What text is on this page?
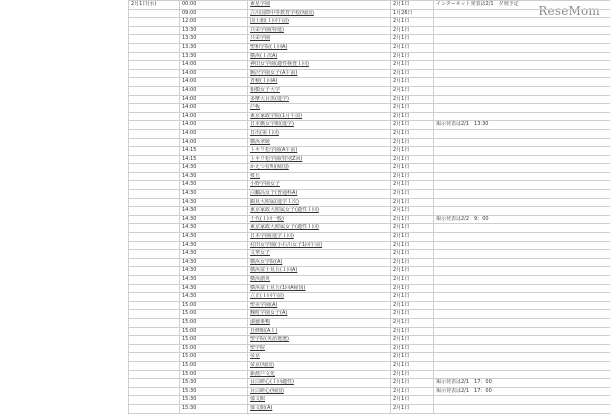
ReseMom
2月1日(水)	00:00	東星学園	2月1日	インターネット発表は2/1　夕刻予定
	09:00	立川国際中等教育学校(帰国)	1月26日	
	12:00	国士舘(１回午前)	2月1日	
	13:30	共栄学園(特進)	2月1日	
	13:30	共栄学園	2月1日	
	13:30	聖和学院(１回A)	2月1日	
	13:30	横浜(１次A)	2月1日	
	14:00	神田女学園(適性検査１回)	2月1日	
	14:00	駒沢学園女子(A午前)	2月1日	
	14:00	青稜(１回A)	2月1日	
	14:00	相模女子大学	2月1日	
	14:00	多摩大目黒(進学)	2月1日	
	14:00	戸板	2月1日	
	14:00	東京家政学院(1月午前)	2月1日	
	14:00	日本橋女学館(進学)	2月1日	掲示発表は2/1　13:30
	14:00	日出(第１回)	2月1日	
	14:00	横浜翠陵	2月1日	
	14:15	トキワ松学園(A午前)	2月1日	
	14:15	トキワ松学園(特別Z回)	2月1日	
	14:30	かえつ有明(帰国)	2月1日	
	14:30	桜丘	2月1日	
	14:30	小野学園女子	2月1日	
	14:30	白鵬高女子(普通科A)	2月1日	
	14:30	鶴見大附属(進学１次)	2月1日	
	14:30	東京家政大附属女子(適性１回)	2月1日	
	14:30	千代(１回一般)	2月1日	掲示発表は2/2　9：00
	14:30	東京家政大附属女子(適性１回)	2月1日	
	14:30	日本学園(進学１回)	2月1日	
	14:30	村田女学園(小石川女子1回午前)	2月1日	
	14:30	文華女子	2月1日	
	14:30	横浜女学院(A)	2月1日	
	14:30	横浜富士見丘(１回A)	2月1日	
	14:30	横浜創英	2月1日	
	14:30	横浜富士見丘(1回A帰国)	2月1日	
	14:30	立正(１回午前)	2月1日	
	15:00	聖美学園(A)	2月1日	
	15:00	麴町学園女子(A)	2月1日	
	15:00	淑徳巣鴨	2月1日	
	15:00	自修館(A１)	2月1日	
	15:00	聖学院(英語選選)	2月1日	
	15:00	聖学院	2月1日	
	15:00	帝京	2月1日	
	15:00	帝京(帰国)	2月1日	
	15:00	新渡戸文化	2月1日	
	15:30	目白研心(１回適性)	2月1日	掲示発表は2/1　17：00
	15:30	目白研心(帰国)	2月1日	掲示発表は2/1　17：00
	15:30	郁文館	2月1日	
	15:30	郁文館(A)	2月1日	
